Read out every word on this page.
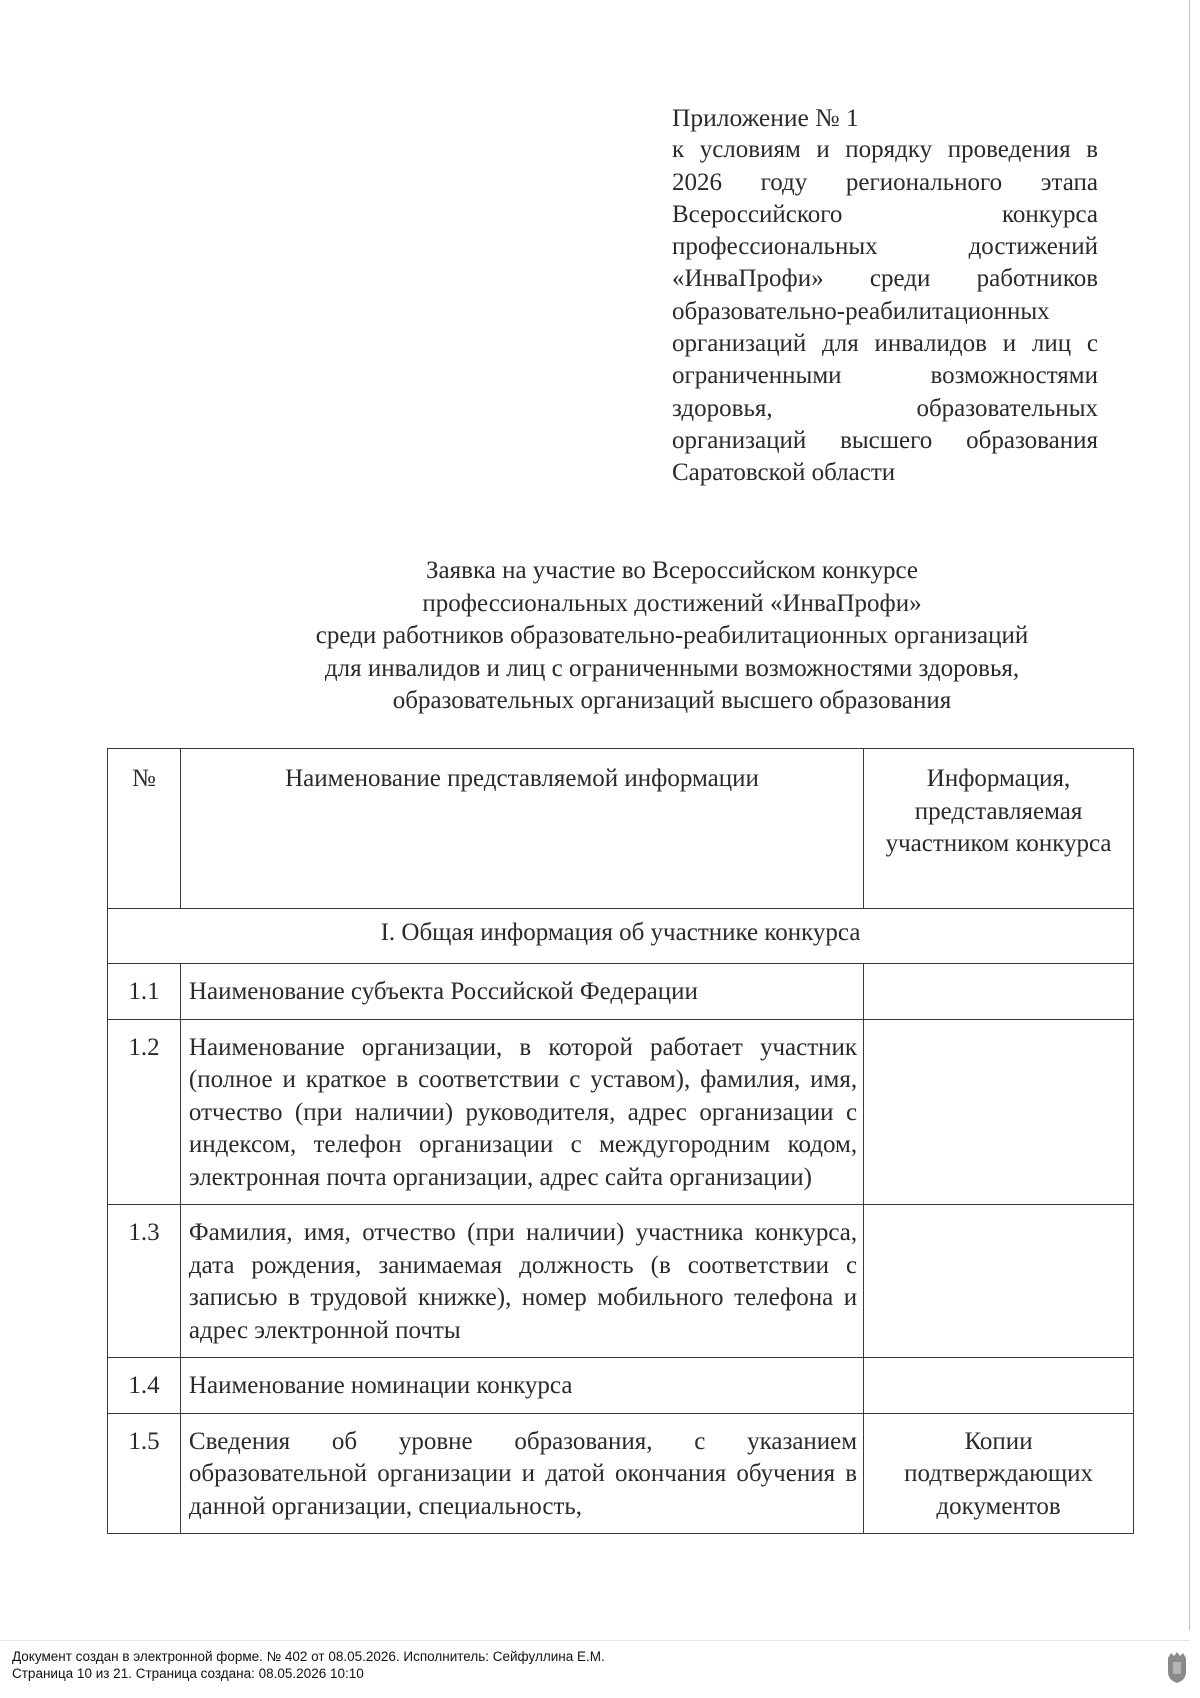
Приложение № 1
к условиям и порядку проведения в 2026 году регионального этапа Всероссийского конкурса профессиональных достижений «ИнваПрофи» среди работников образовательно-реабилитационных организаций для инвалидов и лиц с ограниченными возможностями здоровья, образовательных организаций высшего образования Саратовской области
Заявка на участие во Всероссийском конкурсе
профессиональных достижений «ИнваПрофи»
среди работников образовательно-реабилитационных организаций
для инвалидов и лиц с ограниченными возможностями здоровья,
образовательных организаций высшего образования
№	Наименование представляемой информации	Информация, представляемая участником конкурса
I. Общая информация об участнике конкурса		
1.1	Наименование субъекта Российской Федерации	
1.2	Наименование организации, в которой работает участник (полное и краткое в соответствии с уставом), фамилия, имя, отчество (при наличии) руководителя, адрес организации с индексом, телефон организации с междугородним кодом, электронная почта организации, адрес сайта организации)	
1.3	Фамилия, имя, отчество (при наличии) участника конкурса, дата рождения, занимаемая должность (в соответствии с записью в трудовой книжке), номер мобильного телефона и адрес электронной почты	
1.4	Наименование номинации конкурса	
1.5	Сведения об уровне образования, с указанием образовательной организации и датой окончания обучения в данной организации, специальность,	Копии подтверждающих документов
Документ создан в электронной форме. № 402 от 08.05.2026. Исполнитель: Сейфуллина Е.М.
Страница 10 из 21. Страница создана: 08.05.2026 10:10
